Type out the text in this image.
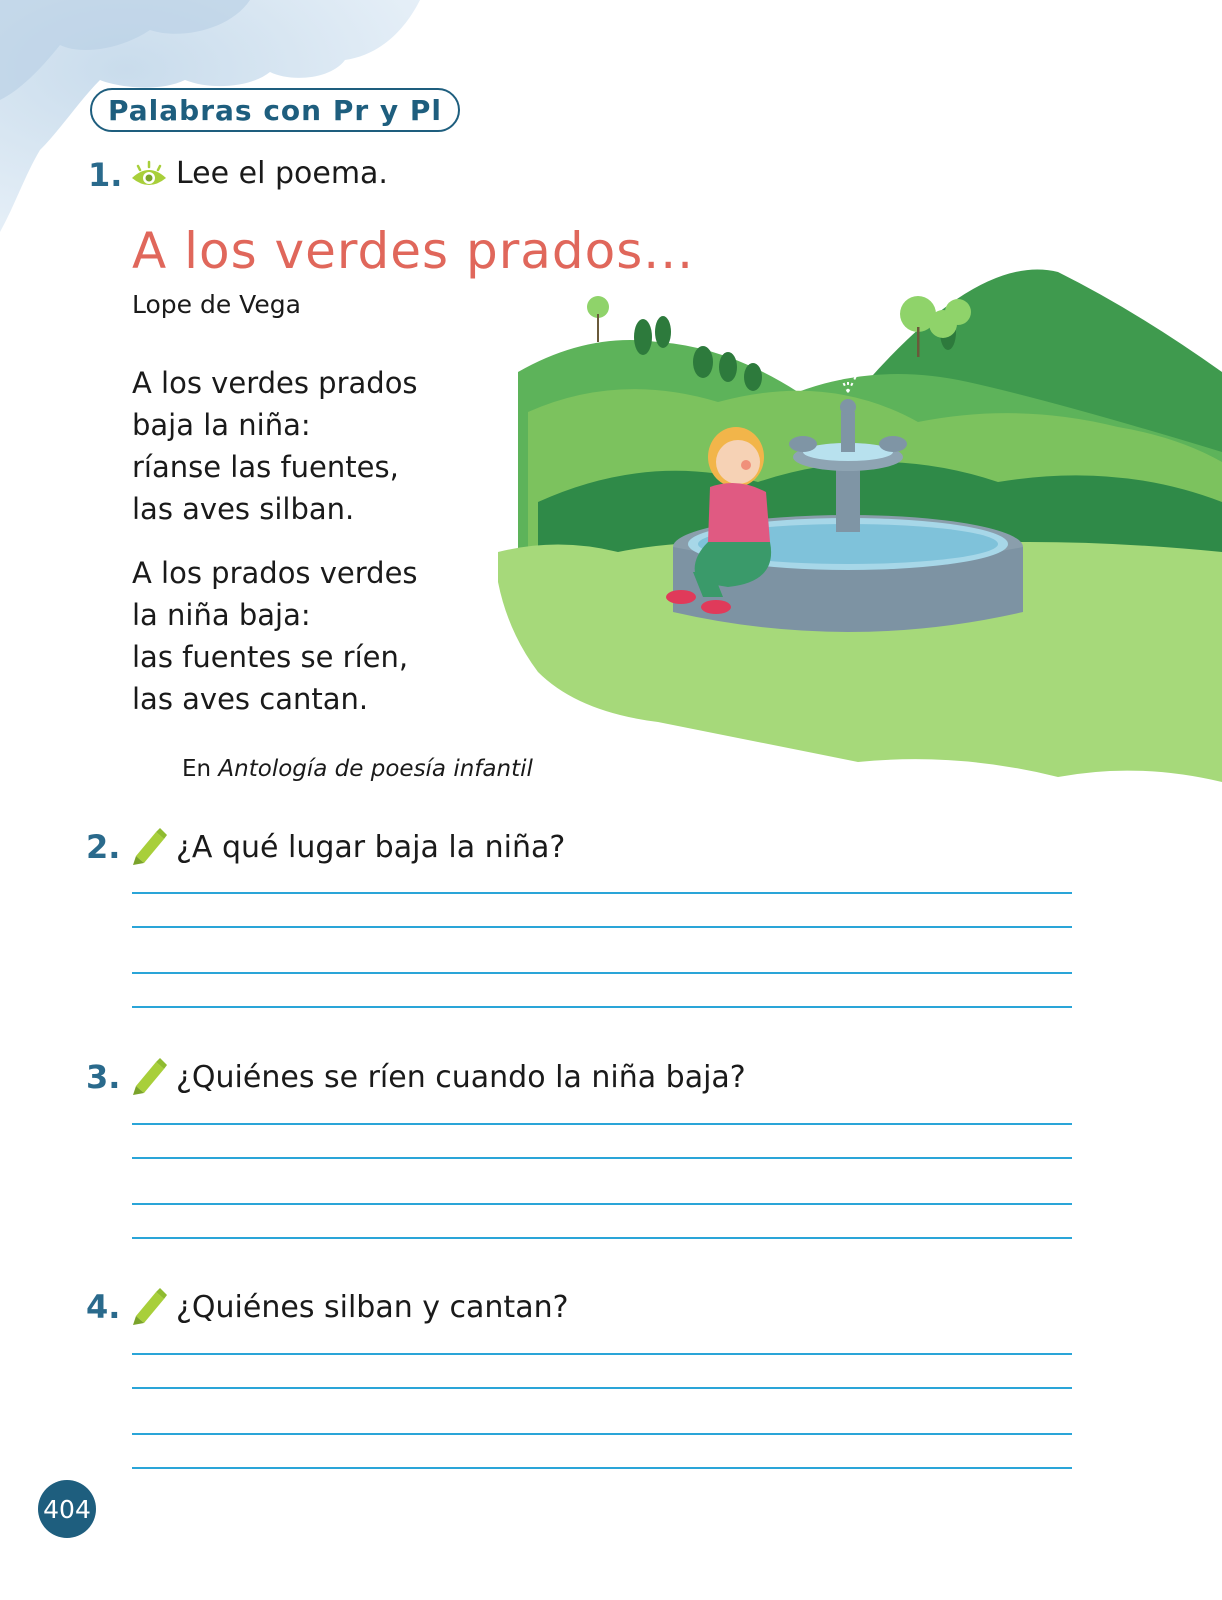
Palabras con Pr y Pl
1. Lee el poema.
A los verdes prados...
Lope de Vega
A los verdes prados
baja la niña:
ríanse las fuentes,
las aves silban.
A los prados verdes
la niña baja:
las fuentes se ríen,
las aves cantan.
En Antología de poesía infantil
2. ¿A qué lugar baja la niña?
3. ¿Quiénes se ríen cuando la niña baja?
4. ¿Quiénes silban y cantan?
404
